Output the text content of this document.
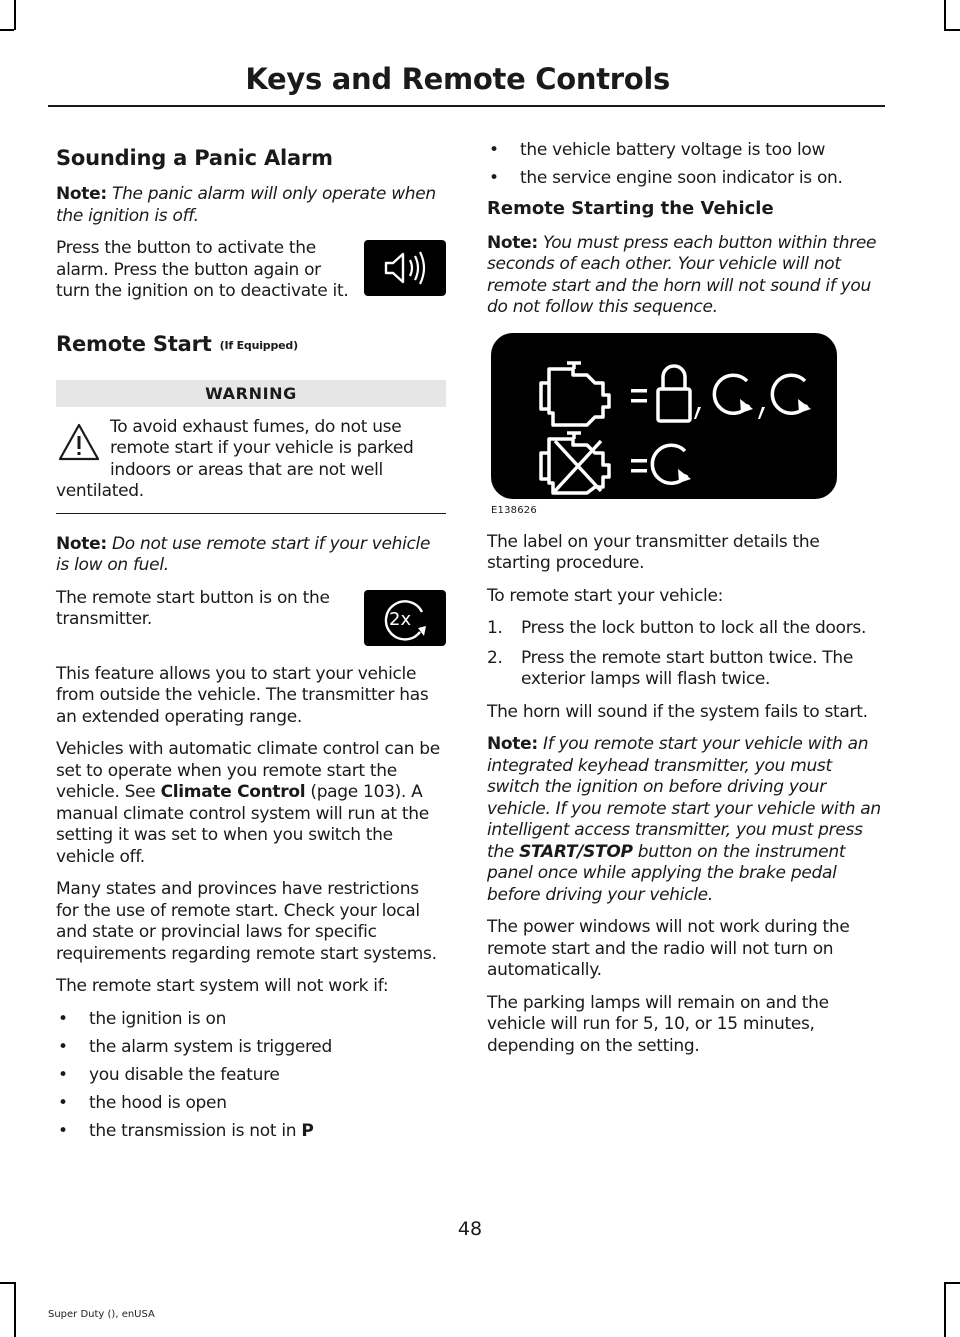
Keys and Remote Controls
Sounding a Panic Alarm

Note: The panic alarm will only operate when the ignition is off.

Press the button to activate the alarm. Press the button again or turn the ignition on to deactivate it.

Remote Start (If Equipped)
WARNING

To avoid exhaust fumes, do not use remote start if your vehicle is parked indoors or areas that are not well ventilated.

Note: Do not use remote start if your vehicle is low on fuel.

2x

The remote start button is on the transmitter.

This feature allows you to start your vehicle from outside the vehicle. The transmitter has an extended operating range.

Vehicles with automatic climate control can be set to operate when you remote start the vehicle. See Climate Control (page 103). A manual climate control system will run at the setting it was set to when you switch the vehicle off.

Many states and provinces have restrictions for the use of remote start. Check your local and state or provincial laws for specific requirements regarding remote start systems.

The remote start system will not work if:

• the ignition is on
• the alarm system is triggered
• you disable the feature
• the hood is open
• the transmission is not in P
• the vehicle battery voltage is too low
• the service engine soon indicator is on.
Remote Starting the Vehicle

Note: You must press each button within three seconds of each other. Your vehicle will not remote start and the horn will not sound if you do not follow this sequence.

E138626

The label on your transmitter details the starting procedure.

To remote start your vehicle:

1. Press the lock button to lock all the doors.
2. Press the remote start button twice. The exterior lamps will flash twice.

The horn will sound if the system fails to start.

Note: If you remote start your vehicle with an integrated keyhead transmitter, you must switch the ignition on before driving your vehicle. If you remote start your vehicle with an intelligent access transmitter, you must press the START/STOP button on the instrument panel once while applying the brake pedal before driving your vehicle.

The power windows will not work during the remote start and the radio will not turn on automatically.

The parking lamps will remain on and the vehicle will run for 5, 10, or 15 minutes, depending on the setting.

48
Super Duty (), enUSA
